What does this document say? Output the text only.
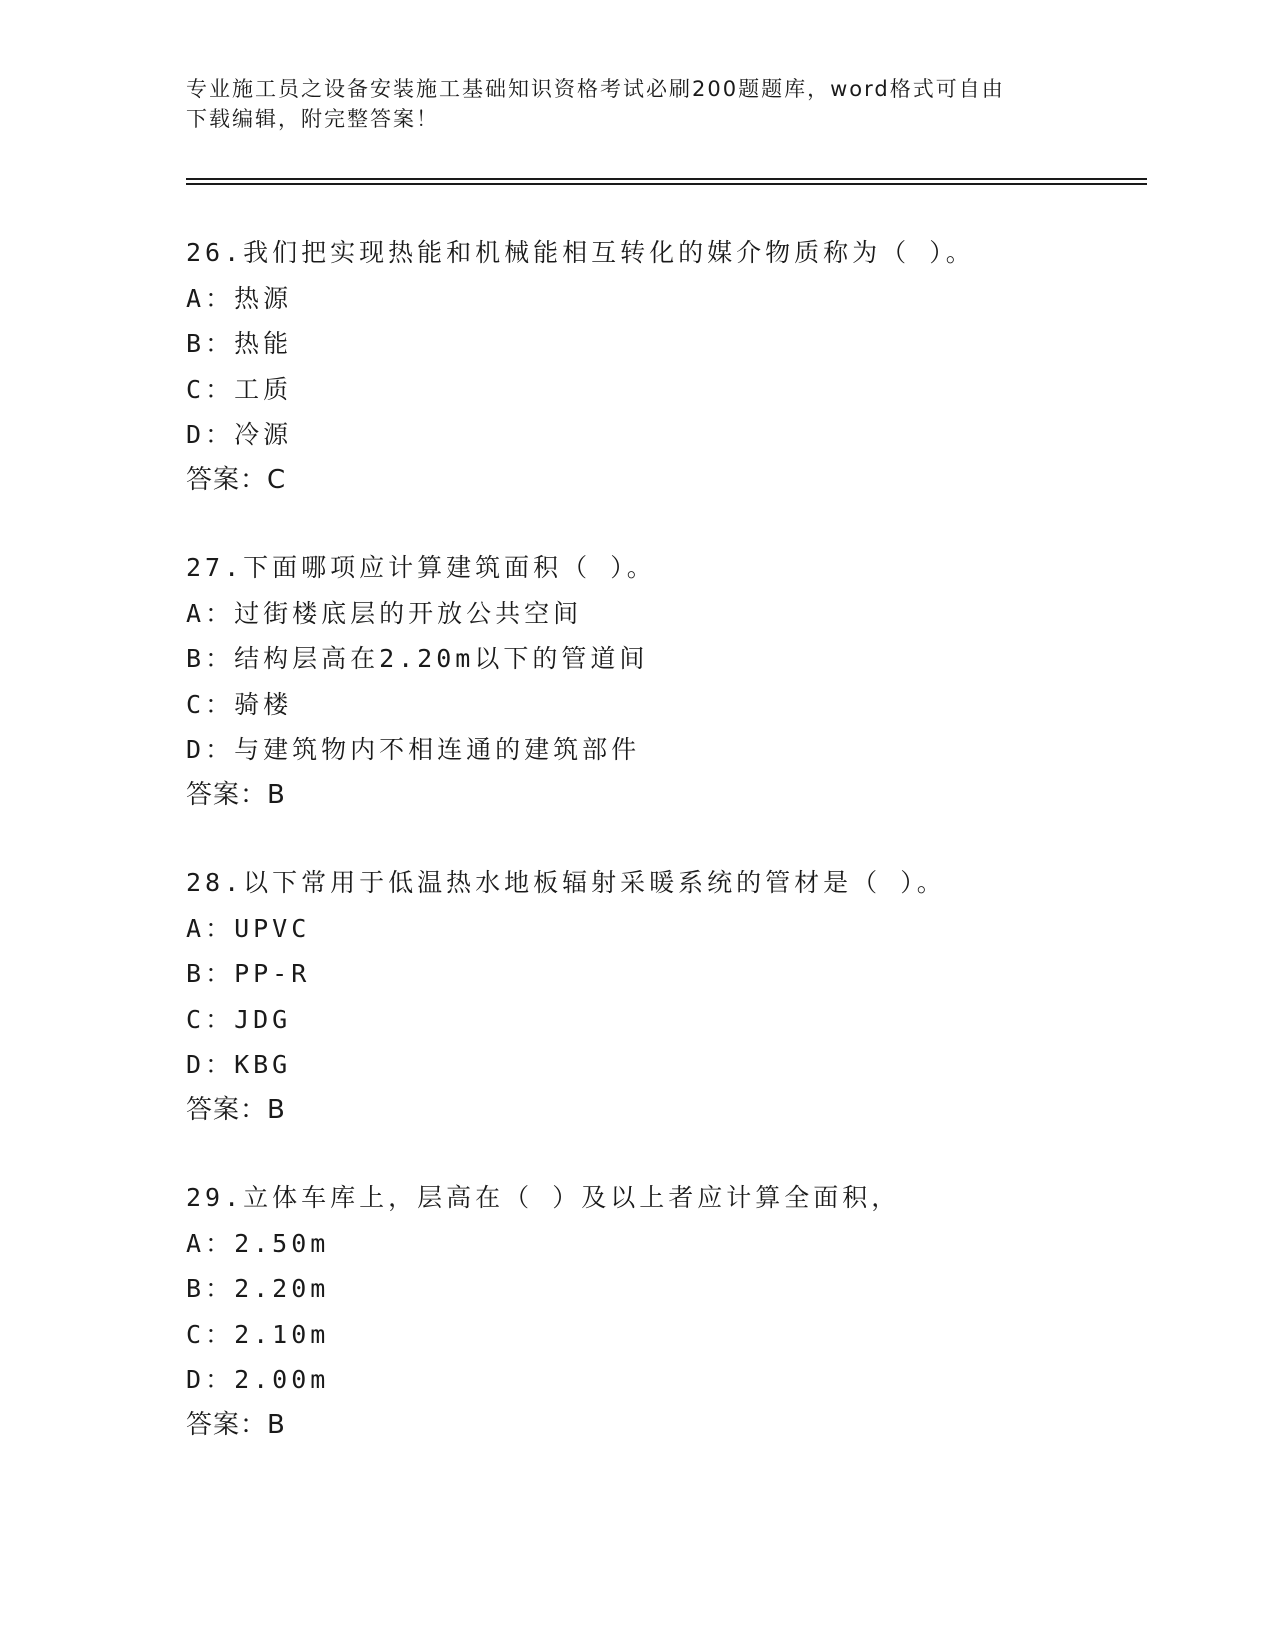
专业施工员之设备安装施工基础知识资格考试必刷200题题库，word格式可自由
下载编辑，附完整答案！
26.我们把实现热能和机械能相互转化的媒介物质称为（ ）。
A：热源
B：热能
C：工质
D：冷源
答案：C
27.下面哪项应计算建筑面积（ ）。
A：过街楼底层的开放公共空间
B：结构层高在2.20m以下的管道间
C：骑楼
D：与建筑物内不相连通的建筑部件
答案：B
28.以下常用于低温热水地板辐射采暖系统的管材是（ ）。
A：UPVC
B：PP-R
C：JDG
D：KBG
答案：B
29.立体车库上，层高在（ ）及以上者应计算全面积，
A：2.50m
B：2.20m
C：2.10m
D：2.00m
答案：B
